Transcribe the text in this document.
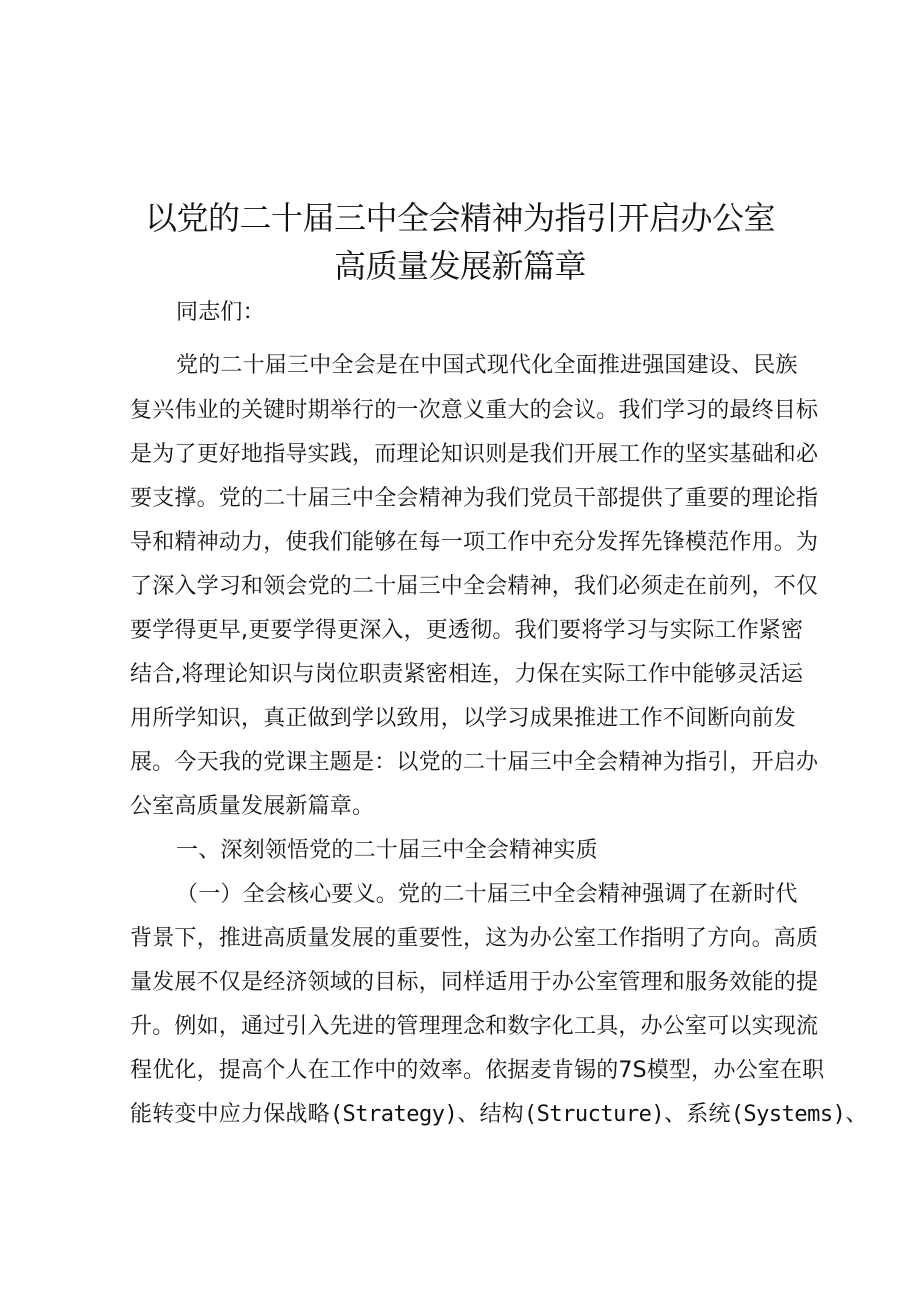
以党的二十届三中全会精神为指引开启办公室
高质量发展新篇章
同志们：
党的二十届三中全会是在中国式现代化全面推进强国建设、民族
复兴伟业的关键时期举行的一次意义重大的会议。我们学习的最终目标
是为了更好地指导实践，而理论知识则是我们开展工作的坚实基础和必
要支撑。党的二十届三中全会精神为我们党员干部提供了重要的理论指
导和精神动力，使我们能够在每一项工作中充分发挥先锋模范作用。为
了深入学习和领会党的二十届三中全会精神，我们必须走在前列，不仅
要学得更早,更要学得更深入，更透彻。我们要将学习与实际工作紧密
结合,将理论知识与岗位职责紧密相连，力保在实际工作中能够灵活运
用所学知识，真正做到学以致用，以学习成果推进工作不间断向前发
展。今天我的党课主题是：以党的二十届三中全会精神为指引，开启办
公室高质量发展新篇章。
一、深刻领悟党的二十届三中全会精神实质
（一）全会核心要义。党的二十届三中全会精神强调了在新时代
背景下，推进高质量发展的重要性，这为办公室工作指明了方向。高质
量发展不仅是经济领域的目标，同样适用于办公室管理和服务效能的提
升。例如，通过引入先进的管理理念和数字化工具，办公室可以实现流
程优化，提高个人在工作中的效率。依据麦肯锡的7S模型，办公室在职
能转变中应力保战略(Strategy)、结构(Structure)、系统(Systems)、
